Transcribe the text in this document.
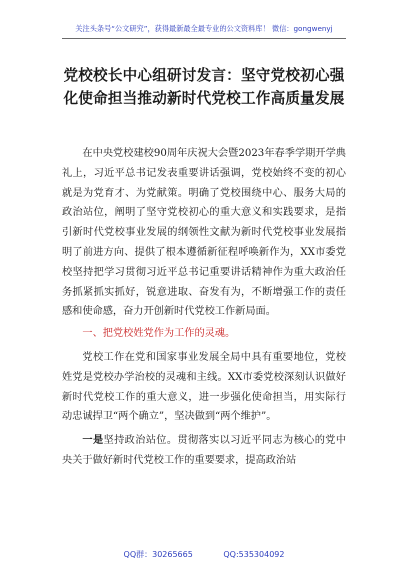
关注头条号“公文研究”，获得最新最全最专业的公文资料库！ 微信：gongwenyj
党校校长中心组研讨发言：坚守党校初心强化使命担当推动新时代党校工作高质量发展

在中央党校建校90周年庆祝大会暨2023年春季学期开学典礼上，习近平总书记发表重要讲话强调，党校始终不变的初心就是为党育才、为党献策。明确了党校围绕中心、服务大局的政治站位，阐明了坚守党校初心的重大意义和实践要求，是指引新时代党校事业发展的纲领性文献为新时代党校事业发展指明了前进方向、提供了根本遵循新征程呼唤新作为，XX市委党校坚持把学习贯彻习近平总书记重要讲话精神作为重大政治任务抓紧抓实抓好，锐意进取、奋发有为，不断增强工作的责任感和使命感，奋力开创新时代党校工作新局面。

一、把党校姓党作为工作的灵魂。

党校工作在党和国家事业发展全局中具有重要地位，党校姓党是党校办学治校的灵魂和主线。XX市委党校深刻认识做好新时代党校工作的重大意义，进一步强化使命担当，用实际行动忠诚捍卫“两个确立”，坚决做到“两个维护”。

一是坚持政治站位。贯彻落实以习近平同志为核心的党中央关于做好新时代党校工作的重要要求，提高政治站

QQ群：30265665	QQ:535304092
